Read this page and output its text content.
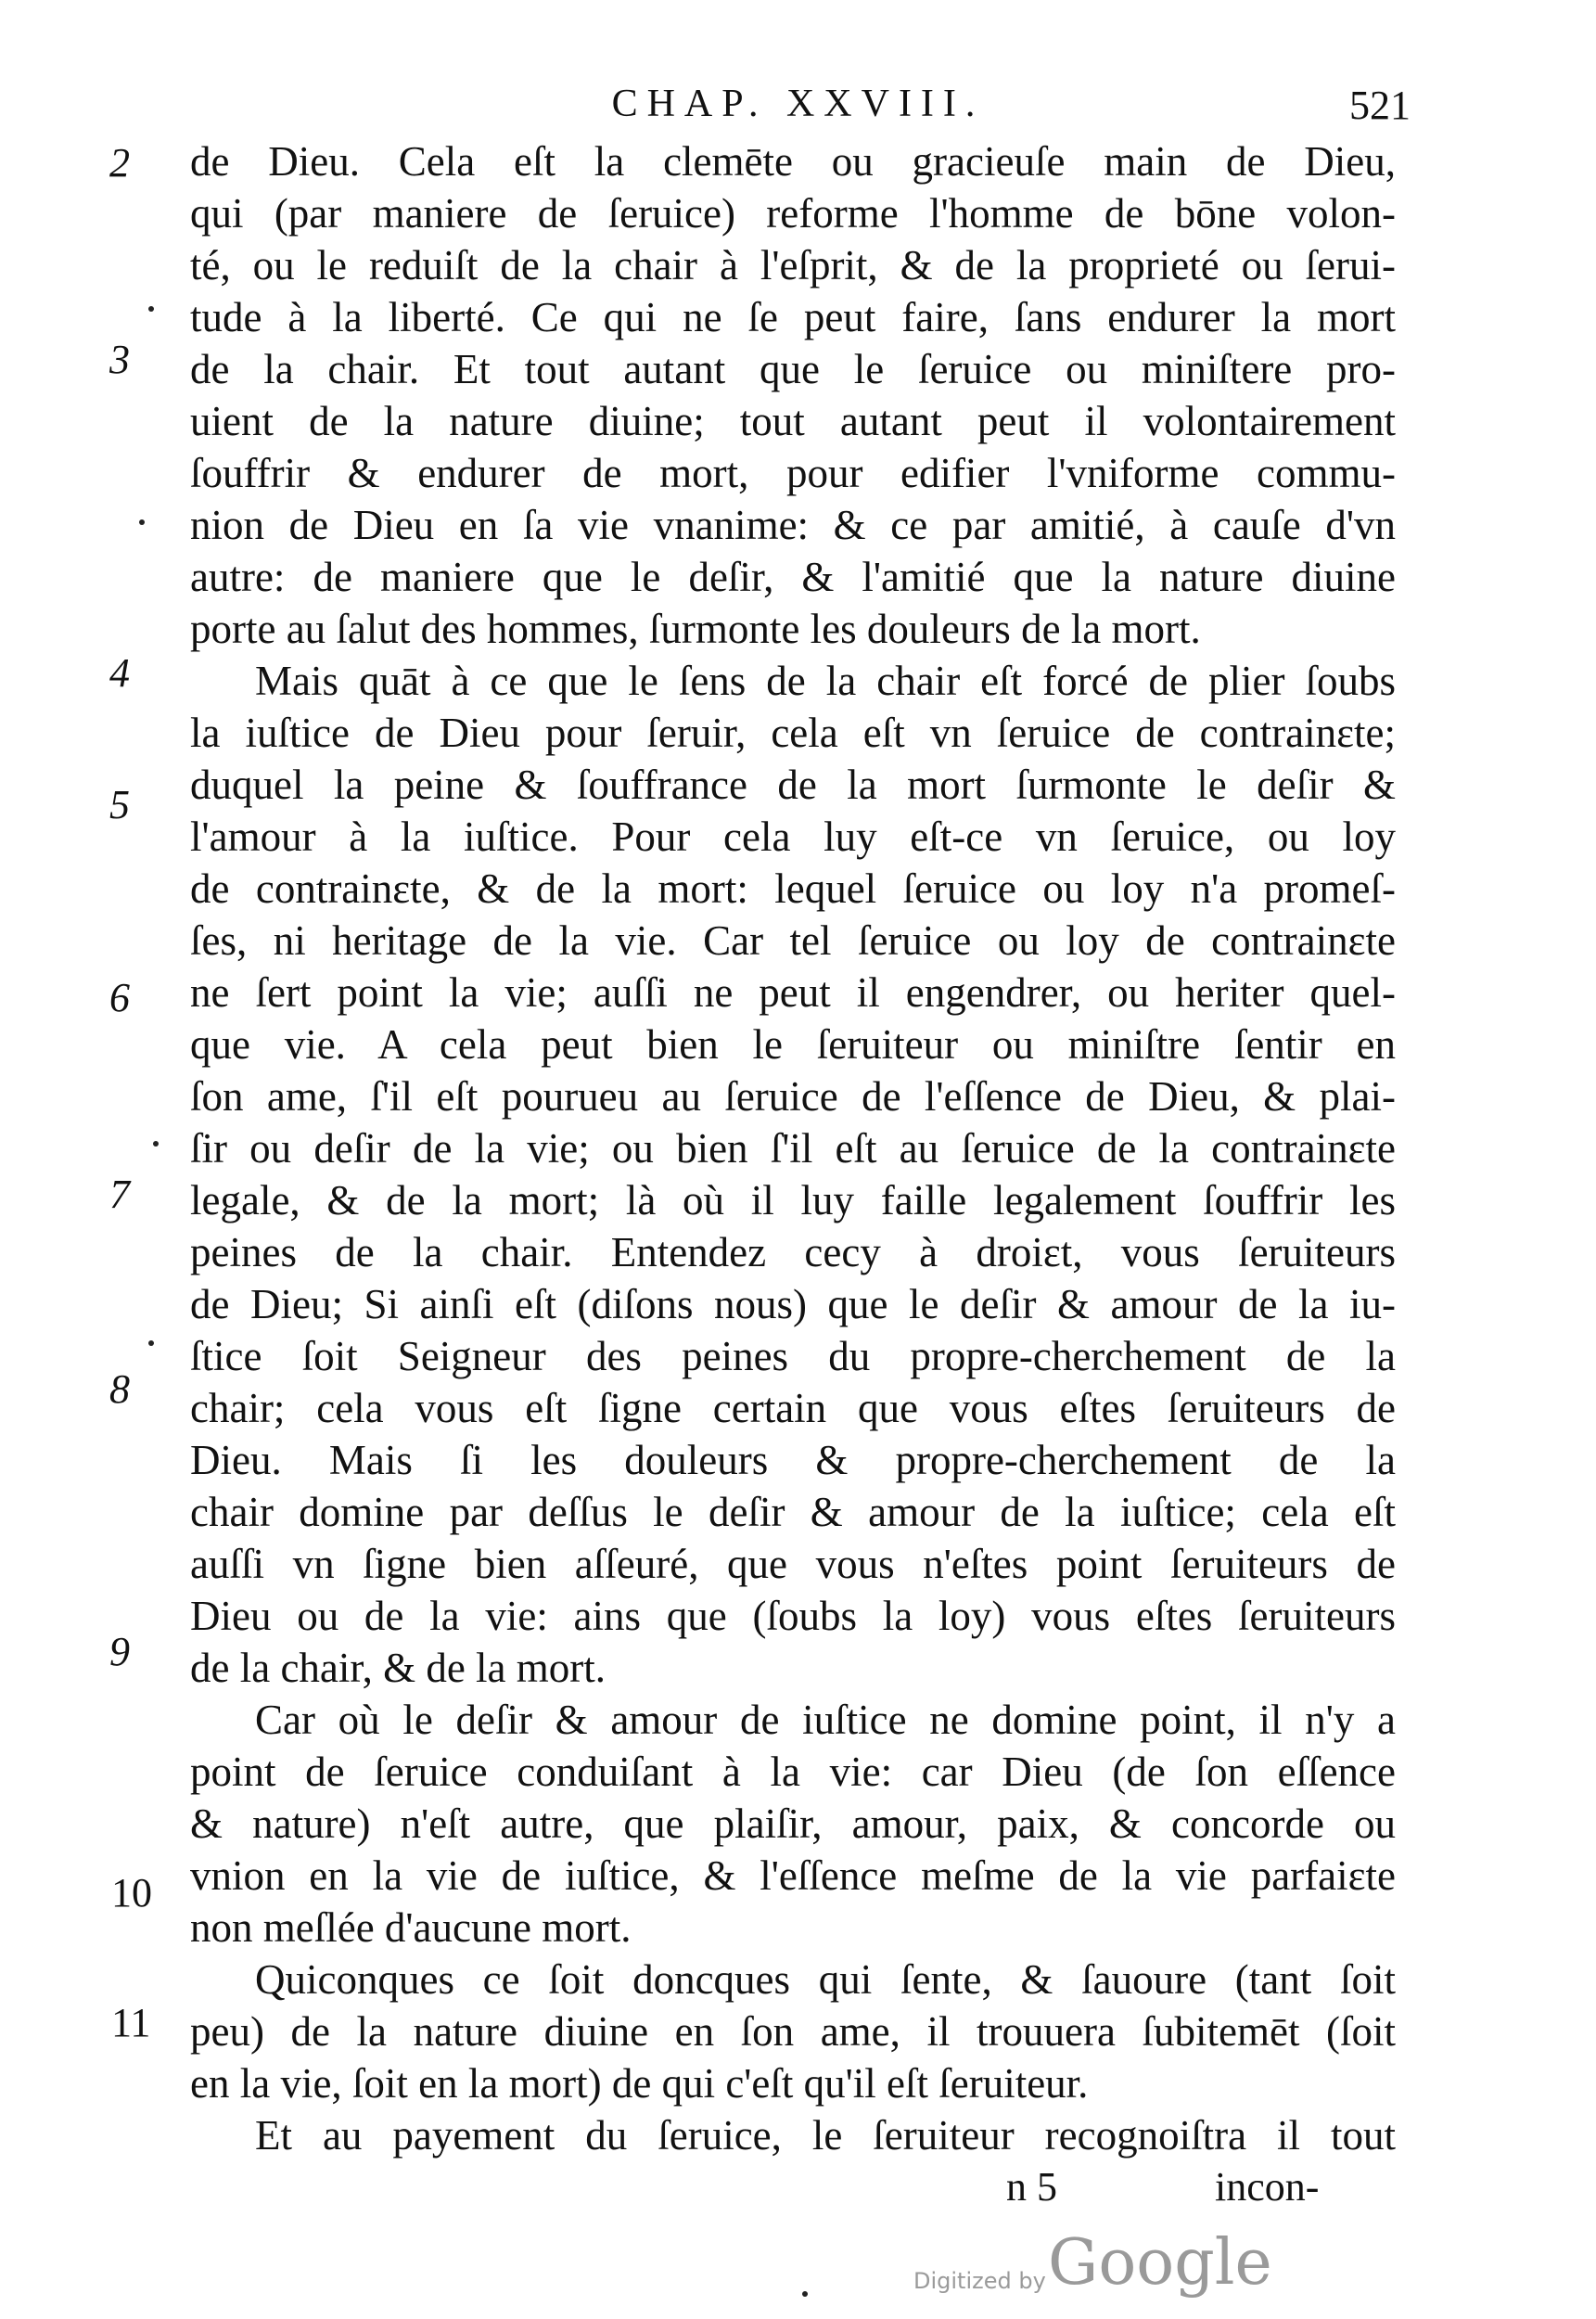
CHAP. XXVIII.	521
2
3
4
5
6
7
8
9
10
11
de Dieu. Cela eſt la clemēte ou gracieuſe main de Dieu,
qui (par maniere de ſeruice) reforme l'homme de bōne volon-
té, ou le reduiſt de la chair à l'eſprit, & de la proprieté ou ſerui-
tude à la liberté. Ce qui ne ſe peut faire, ſans endurer la mort
de la chair. Et tout autant que le ſeruice ou miniſtere pro-
uient de la nature diuine; tout autant peut il volontairement
ſouffrir & endurer de mort, pour edifier l'vniforme commu-
nion de Dieu en ſa vie vnanime: & ce par amitié, à cauſe d'vn
autre: de maniere que le deſir, & l'amitié que la nature diuine
porte au ſalut des hommes, ſurmonte les douleurs de la mort.
Mais quāt à ce que le ſens de la chair eſt forcé de plier ſoubs
la iuſtice de Dieu pour ſeruir, cela eſt vn ſeruice de contrainɛte;
duquel la peine & ſouffrance de la mort ſurmonte le deſir &
l'amour à la iuſtice. Pour cela luy eſt-ce vn ſeruice, ou loy
de contrainɛte, & de la mort: lequel ſeruice ou loy n'a promeſ-
ſes, ni heritage de la vie. Car tel ſeruice ou loy de contrainɛte
ne ſert point la vie; auſſi ne peut il engendrer, ou heriter quel-
que vie. A cela peut bien le ſeruiteur ou miniſtre ſentir en
ſon ame, ſ'il eſt pourueu au ſeruice de l'eſſence de Dieu, & plai-
ſir ou deſir de la vie; ou bien ſ'il eſt au ſeruice de la contrainɛte
legale, & de la mort; là où il luy faille legalement ſouffrir les
peines de la chair. Entendez cecy à droiɛt, vous ſeruiteurs
de Dieu; Si ainſi eſt (diſons nous) que le deſir & amour de la iu-
ſtice ſoit Seigneur des peines du propre-cherchement de la
chair; cela vous eſt ſigne certain que vous eſtes ſeruiteurs de
Dieu. Mais ſi les douleurs & propre-cherchement de la
chair domine par deſſus le deſir & amour de la iuſtice; cela eſt
auſſi vn ſigne bien aſſeuré, que vous n'eſtes point ſeruiteurs de
Dieu ou de la vie: ains que (ſoubs la loy) vous eſtes ſeruiteurs
de la chair, & de la mort.
Car où le deſir & amour de iuſtice ne domine point, il n'y a
point de ſeruice conduiſant à la vie: car Dieu (de ſon eſſence
& nature) n'eſt autre, que plaiſir, amour, paix, & concorde ou
vnion en la vie de iuſtice, & l'eſſence meſme de la vie parfaiɛte
non meſlée d'aucune mort.
Quiconques ce ſoit doncques qui ſente, & ſauoure (tant ſoit
peu) de la nature diuine en ſon ame, il trouuera ſubitemēt (ſoit
en la vie, ſoit en la mort) de qui c'eſt qu'il eſt ſeruiteur.
Et au payement du ſeruice, le ſeruiteur recognoiſtra il tout
n 5	incon-
Digitized by Google
